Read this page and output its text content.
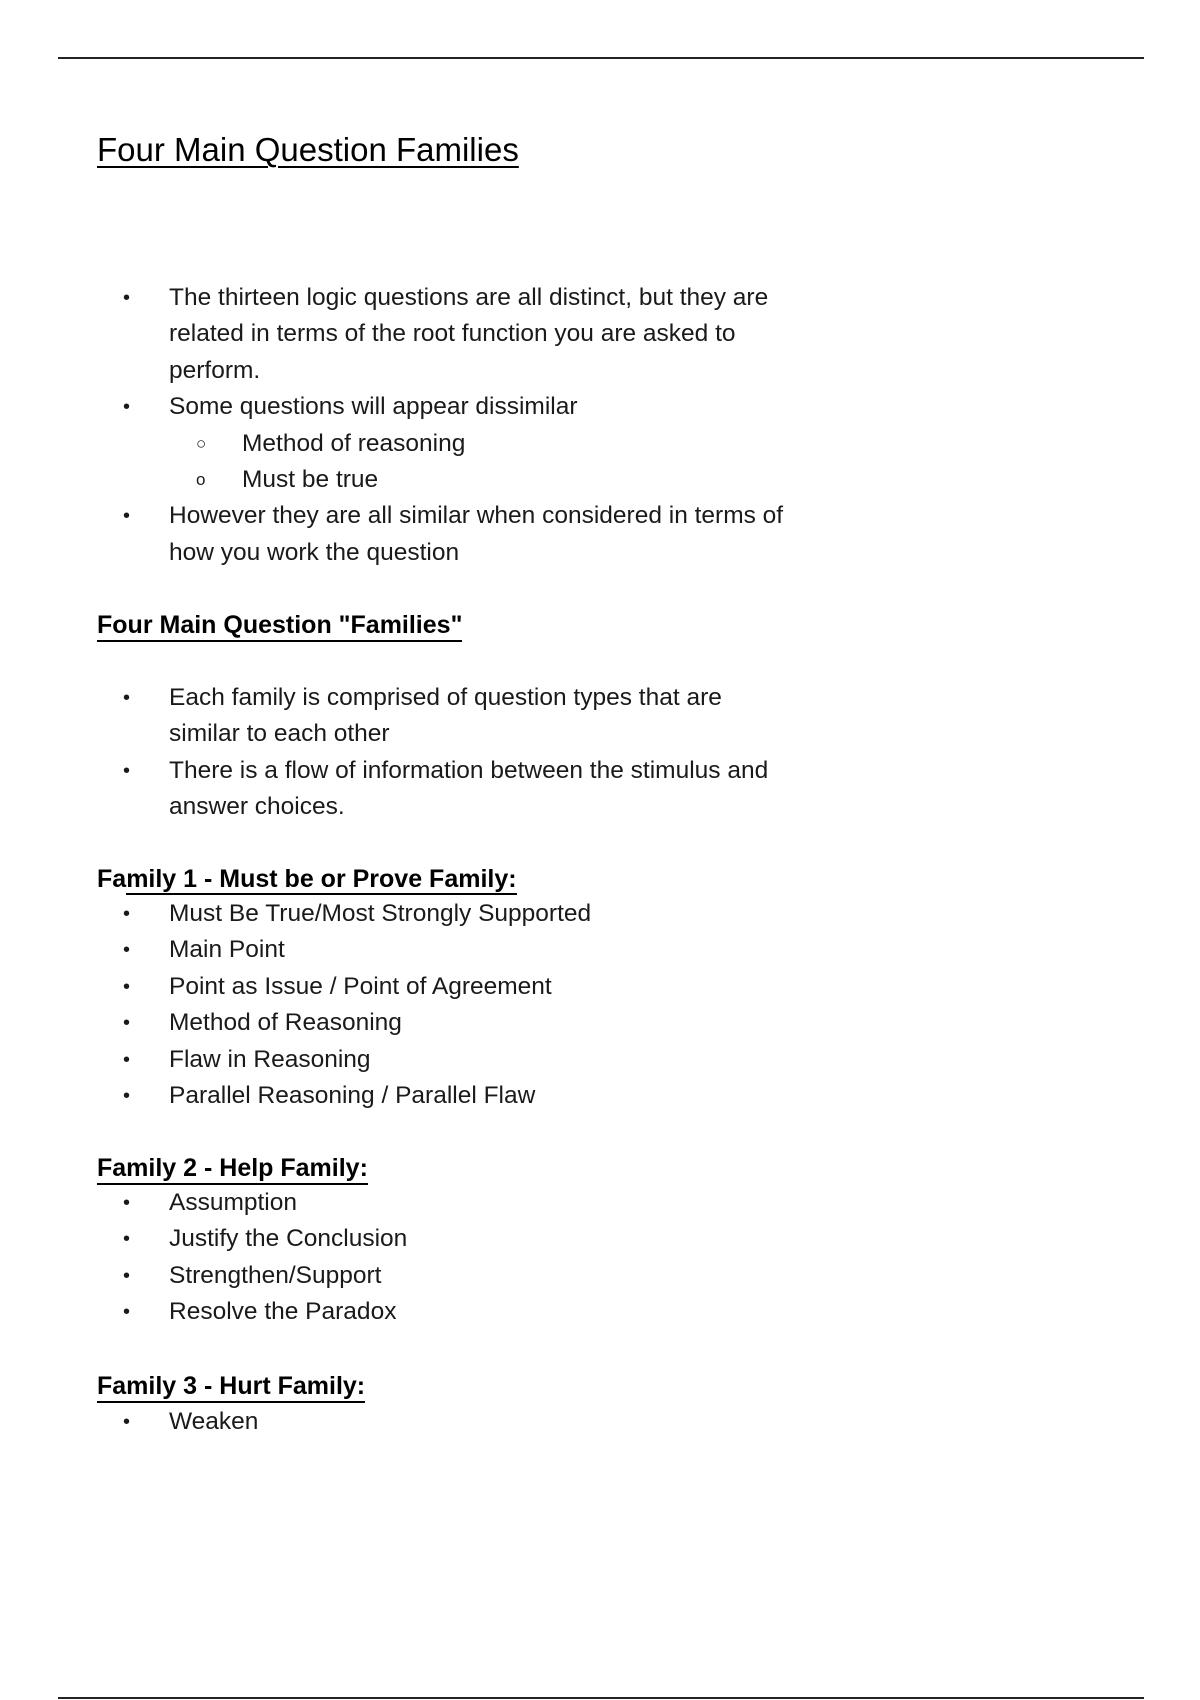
Four Main Question Families
• The thirteen logic questions are all distinct, but they are related in terms of the root function you are asked to perform.
• Some questions will appear dissimilar
○ Method of reasoning
o Must be true
• However they are all similar when considered in terms of how you work the question
Four Main Question "Families"
• Each family is comprised of question types that are similar to each other
• There is a flow of information between the stimulus and answer choices.
Family 1 - Must be or Prove Family:
• Must Be True/Most Strongly Supported
• Main Point
• Point as Issue / Point of Agreement
• Method of Reasoning
• Flaw in Reasoning
• Parallel Reasoning / Parallel Flaw
Family 2 - Help Family:
• Assumption
• Justify the Conclusion
• Strengthen/Support
• Resolve the Paradox
Family 3 - Hurt Family:
• Weaken
